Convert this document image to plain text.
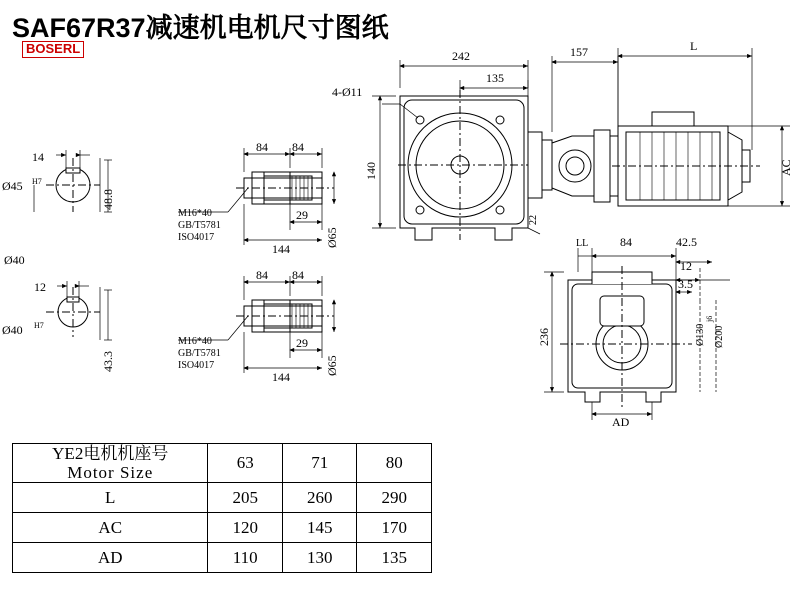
SAF67R37减速机电机尺寸图纸
BOSERL
14
Ø45 H7
48.8
Ø40
12
Ø40 H7
43.3
84 84
29
144
Ø65
M16*40
GB/T5781
ISO4017
84 84
29
144
Ø65
M16*40
GB/T5781
ISO4017
242
135
140
22
4-Ø11
157	L
AC
LL	84	42.5
12
3.5
236	Ø130
j6
Ø200
AD
YE2电机机座号
Motor Size	63	71	80
L	205	260	290
AC	120	145	170
AD	110	130	135
